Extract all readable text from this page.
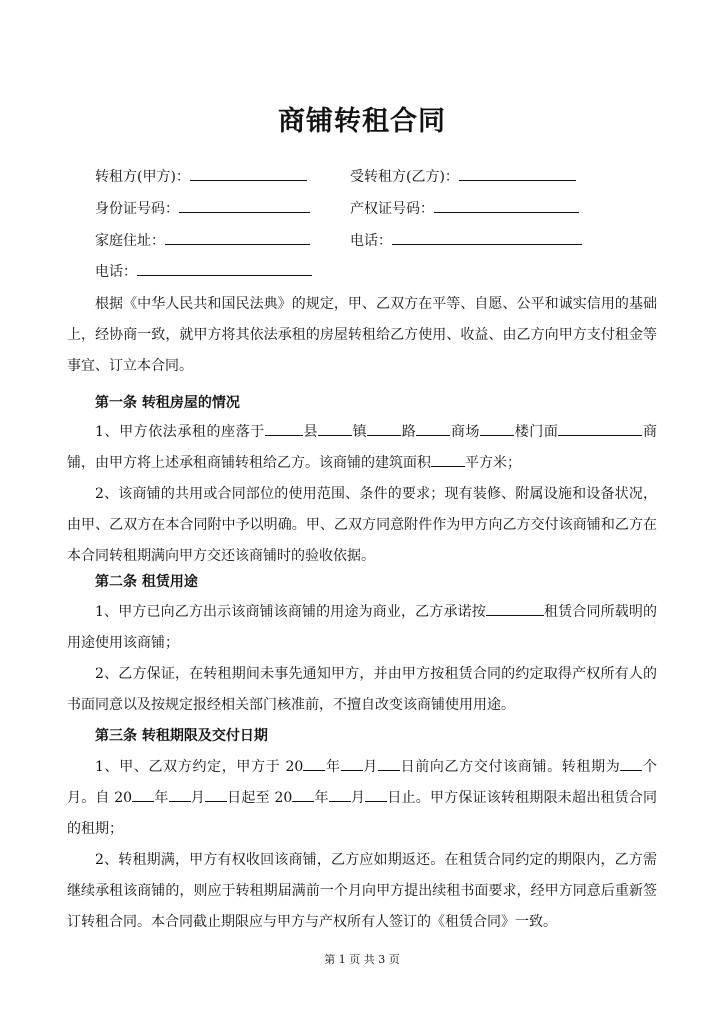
商铺转租合同
转租方(甲方)：	受转租方(乙方)：
身份证号码：	产权证号码：
家庭住址：	电话：
电话：
根据《中华人民共和国民法典》的规定，甲、乙双方在平等、自愿、公平和诚实信用的基础上，经协商一致，就甲方将其依法承租的房屋转租给乙方使用、收益、由乙方向甲方支付租金等事宜、订立本合同。
第一条 转租房屋的情况
1、甲方依法承租的座落于	县 镇 路 商场 楼门面	商铺，由甲方将上述承租商铺转租给乙方。该商铺的建筑面积 平方米；
2、该商铺的共用或合同部位的使用范围、条件的要求；现有装修、附属设施和设备状况，由甲、乙双方在本合同附中予以明确。甲、乙双方同意附件作为甲方向乙方交付该商铺和乙方在本合同转租期满向甲方交还该商铺时的验收依据。
第二条 租赁用途
1、甲方已向乙方出示该商铺该商铺的用途为商业，乙方承诺按	租赁合同所载明的用途使用该商铺；
2、乙方保证，在转租期间未事先通知甲方，并由甲方按租赁合同的约定取得产权所有人的书面同意以及按规定报经相关部门核准前，不擅自改变该商铺使用用途。
第三条 转租期限及交付日期
1、甲、乙双方约定，甲方于 20 年 月 日前向乙方交付该商铺。转租期为 个月。自 20 年 月 日起至 20 年 月 日止。甲方保证该转租期限未超出租赁合同的租期；
2、转租期满，甲方有权收回该商铺，乙方应如期返还。在租赁合同约定的期限内，乙方需继续承租该商铺的，则应于转租期届满前一个月向甲方提出续租书面要求，经甲方同意后重新签订转租合同。本合同截止期限应与甲方与产权所有人签订的《租赁合同》一致。
第 1 页 共 3 页
